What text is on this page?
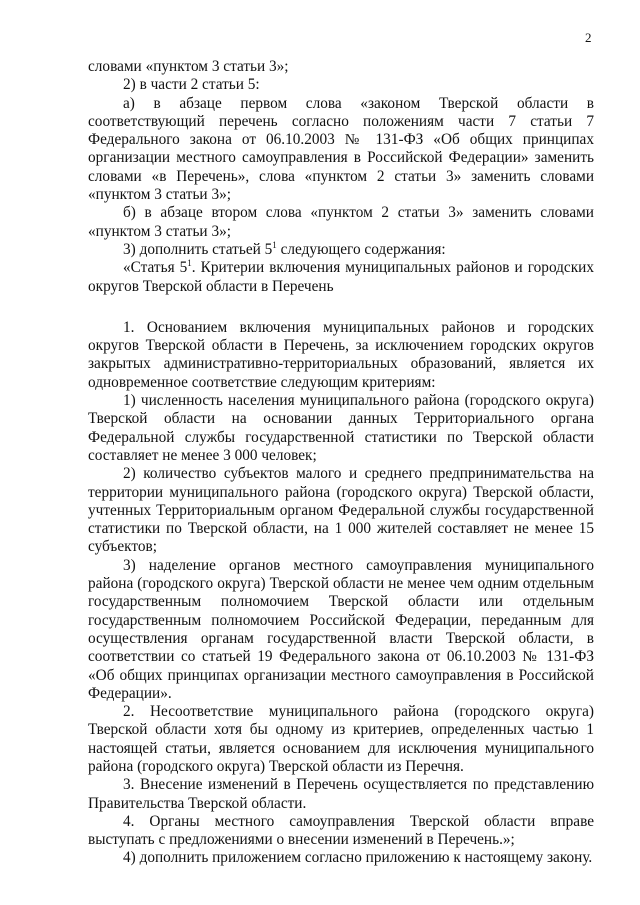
2

словами «пунктом 3 статьи 3»;

2) в части 2 статьи 5:

а) в абзаце первом слова «законом Тверской области в соответствующий перечень согласно положениям части 7 статьи 7 Федерального закона от 06.10.2003 № 131-ФЗ «Об общих принципах организации местного самоуправления в Российской Федерации» заменить словами «в Перечень», слова «пунктом 2 статьи 3» заменить словами «пунктом 3 статьи 3»;

б) в абзаце втором слова «пунктом 2 статьи 3» заменить словами «пунктом 3 статьи 3»;

3) дополнить статьей $5^1$ следующего содержания:

«Статья $5^1$. Критерии включения муниципальных районов и городских округов Тверской области в Перечень

1. Основанием включения муниципальных районов и городских округов Тверской области в Перечень, за исключением городских округов закрытых административно-территориальных образований, является их одновременное соответствие следующим критериям:

1) численность населения муниципального района (городского округа) Тверской области на основании данных Территориального органа Федеральной службы государственной статистики по Тверской области составляет не менее 3 000 человек;

2) количество субъектов малого и среднего предпринимательства на территории муниципального района (городского округа) Тверской области, учтенных Территориальным органом Федеральной службы государственной статистики по Тверской области, на 1 000 жителей составляет не менее 15 субъектов;

3) наделение органов местного самоуправления муниципального района (городского округа) Тверской области не менее чем одним отдельным государственным полномочием Тверской области или отдельным государственным полномочием Российской Федерации, переданным для осуществления органам государственной власти Тверской области, в соответствии со статьей 19 Федерального закона от 06.10.2003 № 131-ФЗ «Об общих принципах организации местного самоуправления в Российской Федерации».

2. Несоответствие муниципального района (городского округа) Тверской области хотя бы одному из критериев, определенных частью 1 настоящей статьи, является основанием для исключения муниципального района (городского округа) Тверской области из Перечня.

3. Внесение изменений в Перечень осуществляется по представлению Правительства Тверской области.

4. Органы местного самоуправления Тверской области вправе выступать с предложениями о внесении изменений в Перечень.»;

4) дополнить приложением согласно приложению к настоящему закону.
